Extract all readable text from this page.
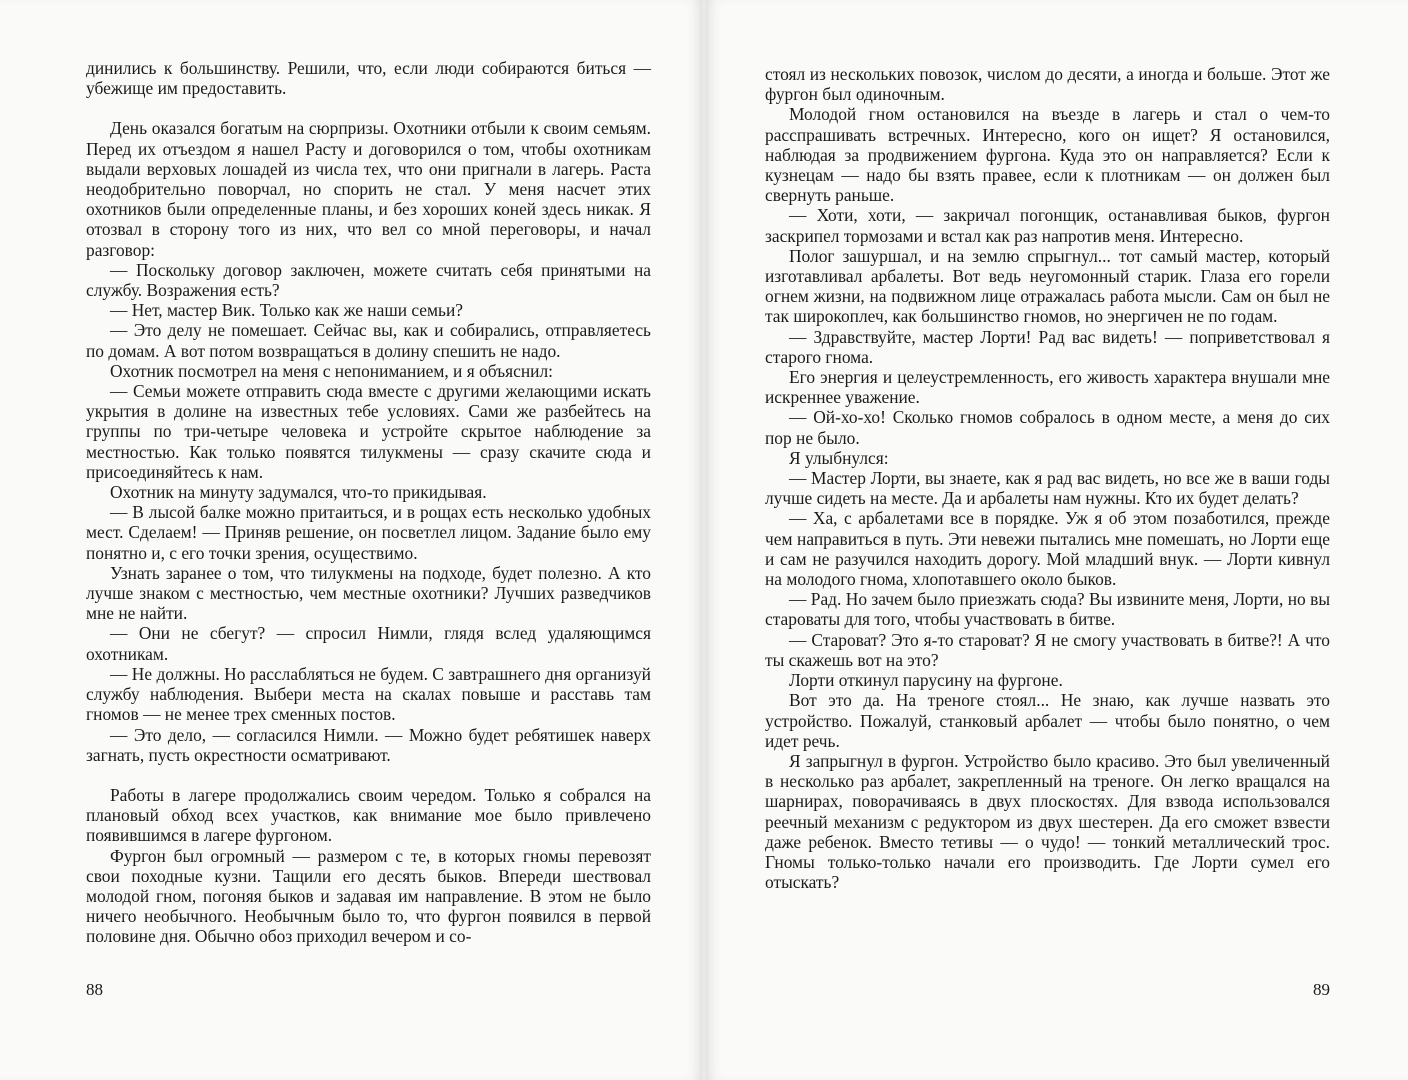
динились к большинству. Решили, что, если люди собираются биться — убежище им предоставить.

День оказался богатым на сюрпризы. Охотники отбыли к своим семьям. Перед их отъездом я нашел Расту и договорился о том, чтобы охотникам выдали верховых лошадей из числа тех, что они пригнали в лагерь. Раста неодобрительно поворчал, но спорить не стал. У меня насчет этих охотников были определенные планы, и без хороших коней здесь никак. Я отозвал в сторону того из них, что вел со мной переговоры, и начал разговор:

— Поскольку договор заключен, можете считать себя принятыми на службу. Возражения есть?

— Нет, мастер Вик. Только как же наши семьи?

— Это делу не помешает. Сейчас вы, как и собирались, отправляетесь по домам. А вот потом возвращаться в долину спешить не надо.

Охотник посмотрел на меня с непониманием, и я объяснил:

— Семьи можете отправить сюда вместе с другими желающими искать укрытия в долине на известных тебе условиях. Сами же разбейтесь на группы по три-четыре человека и устройте скрытое наблюдение за местностью. Как только появятся тилукмены — сразу скачите сюда и присоединяйтесь к нам.

Охотник на минуту задумался, что-то прикидывая.

— В лысой балке можно притаиться, и в рощах есть несколько удобных мест. Сделаем! — Приняв решение, он посветлел лицом. Задание было ему понятно и, с его точки зрения, осуществимо.

Узнать заранее о том, что тилукмены на подходе, будет полезно. А кто лучше знаком с местностью, чем местные охотники? Лучших разведчиков мне не найти.

— Они не сбегут? — спросил Нимли, глядя вслед удаляющимся охотникам.

— Не должны. Но расслабляться не будем. С завтрашнего дня организуй службу наблюдения. Выбери места на скалах повыше и расставь там гномов — не менее трех сменных постов.

— Это дело, — согласился Нимли. — Можно будет ребятишек наверх загнать, пусть окрестности осматривают.

Работы в лагере продолжались своим чередом. Только я собрался на плановый обход всех участков, как внимание мое было привлечено появившимся в лагере фургоном.

Фургон был огромный — размером с те, в которых гномы перевозят свои походные кузни. Тащили его десять быков. Впереди шествовал молодой гном, погоняя быков и задавая им направление. В этом не было ничего необычного. Необычным было то, что фургон появился в первой половине дня. Обычно обоз приходил вечером и со-

88

стоял из нескольких повозок, числом до десяти, а иногда и больше. Этот же фургон был одиночным.

Молодой гном остановился на въезде в лагерь и стал о чем-то расспрашивать встречных. Интересно, кого он ищет? Я остановился, наблюдая за продвижением фургона. Куда это он направляется? Если к кузнецам — надо бы взять правее, если к плотникам — он должен был свернуть раньше.

— Хоти, хоти, — закричал погонщик, останавливая быков, фургон заскрипел тормозами и встал как раз напротив меня. Интересно.

Полог зашуршал, и на землю спрыгнул... тот самый мастер, который изготавливал арбалеты. Вот ведь неугомонный старик. Глаза его горели огнем жизни, на подвижном лице отражалась работа мысли. Сам он был не так широкоплеч, как большинство гномов, но энергичен не по годам.

— Здравствуйте, мастер Лорти! Рад вас видеть! — поприветствовал я старого гнома.

Его энергия и целеустремленность, его живость характера внушали мне искреннее уважение.

— Ой-хо-хо! Сколько гномов собралось в одном месте, а меня до сих пор не было.

Я улыбнулся:

— Мастер Лорти, вы знаете, как я рад вас видеть, но все же в ваши годы лучше сидеть на месте. Да и арбалеты нам нужны. Кто их будет делать?

— Ха, с арбалетами все в порядке. Уж я об этом позаботился, прежде чем направиться в путь. Эти невежи пытались мне помешать, но Лорти еще и сам не разучился находить дорогу. Мой младший внук. — Лорти кивнул на молодого гнома, хлопотавшего около быков.

— Рад. Но зачем было приезжать сюда? Вы извините меня, Лорти, но вы староваты для того, чтобы участвовать в битве.

— Староват? Это я-то староват? Я не смогу участвовать в битве?! А что ты скажешь вот на это?

Лорти откинул парусину на фургоне.

Вот это да. На треноге стоял... Не знаю, как лучше назвать это устройство. Пожалуй, станковый арбалет — чтобы было понятно, о чем идет речь.

Я запрыгнул в фургон. Устройство было красиво. Это был увеличенный в несколько раз арбалет, закрепленный на треноге. Он легко вращался на шарнирах, поворачиваясь в двух плоскостях. Для взвода использовался реечный механизм с редуктором из двух шестерен. Да его сможет взвести даже ребенок. Вместо тетивы — о чудо! — тонкий металлический трос. Гномы только-только начали его производить. Где Лорти сумел его отыскать?

89
